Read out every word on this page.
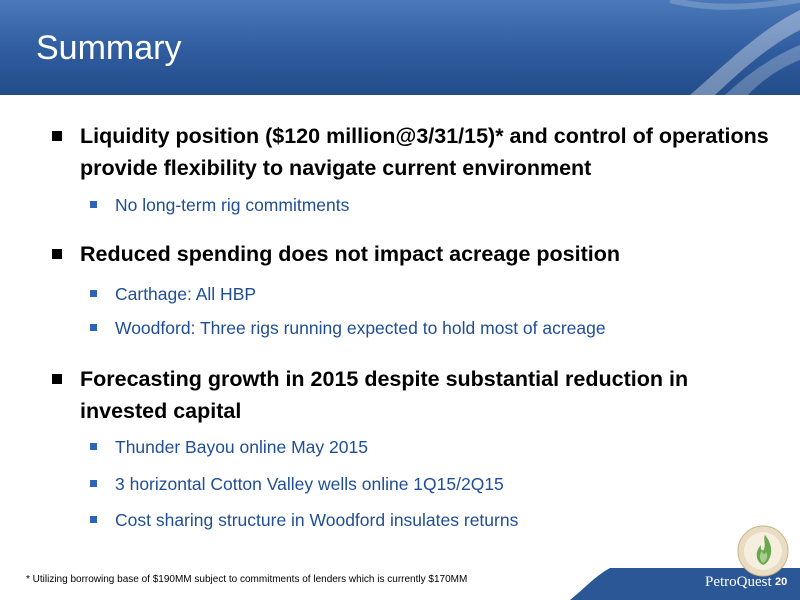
Summary
Liquidity position ($120 million@3/31/15)* and control of operations provide flexibility to navigate current environment
No long-term rig commitments
Reduced spending does not impact acreage position
Carthage: All HBP
Woodford: Three rigs running expected to hold most of acreage
Forecasting growth in 2015 despite substantial reduction in invested capital
Thunder Bayou online May 2015
3 horizontal Cotton Valley wells online 1Q15/2Q15
Cost sharing structure in Woodford insulates returns
* Utilizing borrowing base of $190MM subject to commitments of lenders which is currently $170MM	PetroQuest 20
